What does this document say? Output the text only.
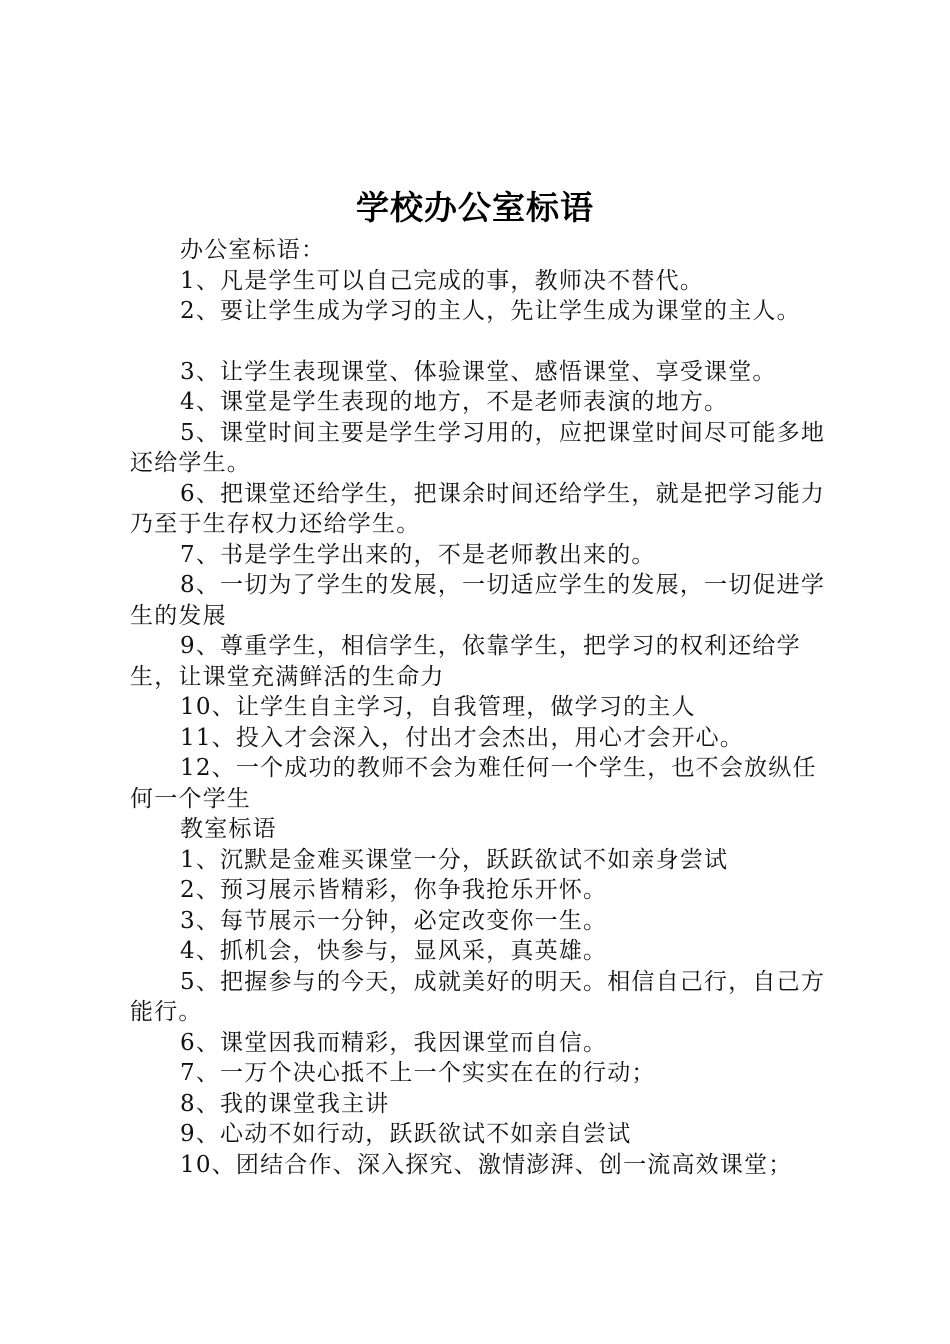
学校办公室标语

办公室标语：

1、凡是学生可以自己完成的事，教师决不替代。

2、要让学生成为学习的主人，先让学生成为课堂的主人。

3、让学生表现课堂、体验课堂、感悟课堂、享受课堂。

4、课堂是学生表现的地方，不是老师表演的地方。

5、课堂时间主要是学生学习用的，应把课堂时间尽可能多地还给学生。

6、把课堂还给学生，把课余时间还给学生，就是把学习能力乃至于生存权力还给学生。

7、书是学生学出来的，不是老师教出来的。

8、一切为了学生的发展，一切适应学生的发展，一切促进学生的发展

9、尊重学生，相信学生，依靠学生，把学习的权利还给学生，让课堂充满鲜活的生命力

10、让学生自主学习，自我管理，做学习的主人

11、投入才会深入，付出才会杰出，用心才会开心。

12、一个成功的教师不会为难任何一个学生，也不会放纵任何一个学生

教室标语

1、沉默是金难买课堂一分，跃跃欲试不如亲身尝试

2、预习展示皆精彩，你争我抢乐开怀。

3、每节展示一分钟，必定改变你一生。

4、抓机会，快参与，显风采，真英雄。

5、把握参与的今天，成就美好的明天。相信自己行，自己方能行。

6、课堂因我而精彩，我因课堂而自信。

7、一万个决心抵不上一个实实在在的行动；

8、我的课堂我主讲

9、心动不如行动，跃跃欲试不如亲自尝试

10、团结合作、深入探究、激情澎湃、创一流高效课堂；
